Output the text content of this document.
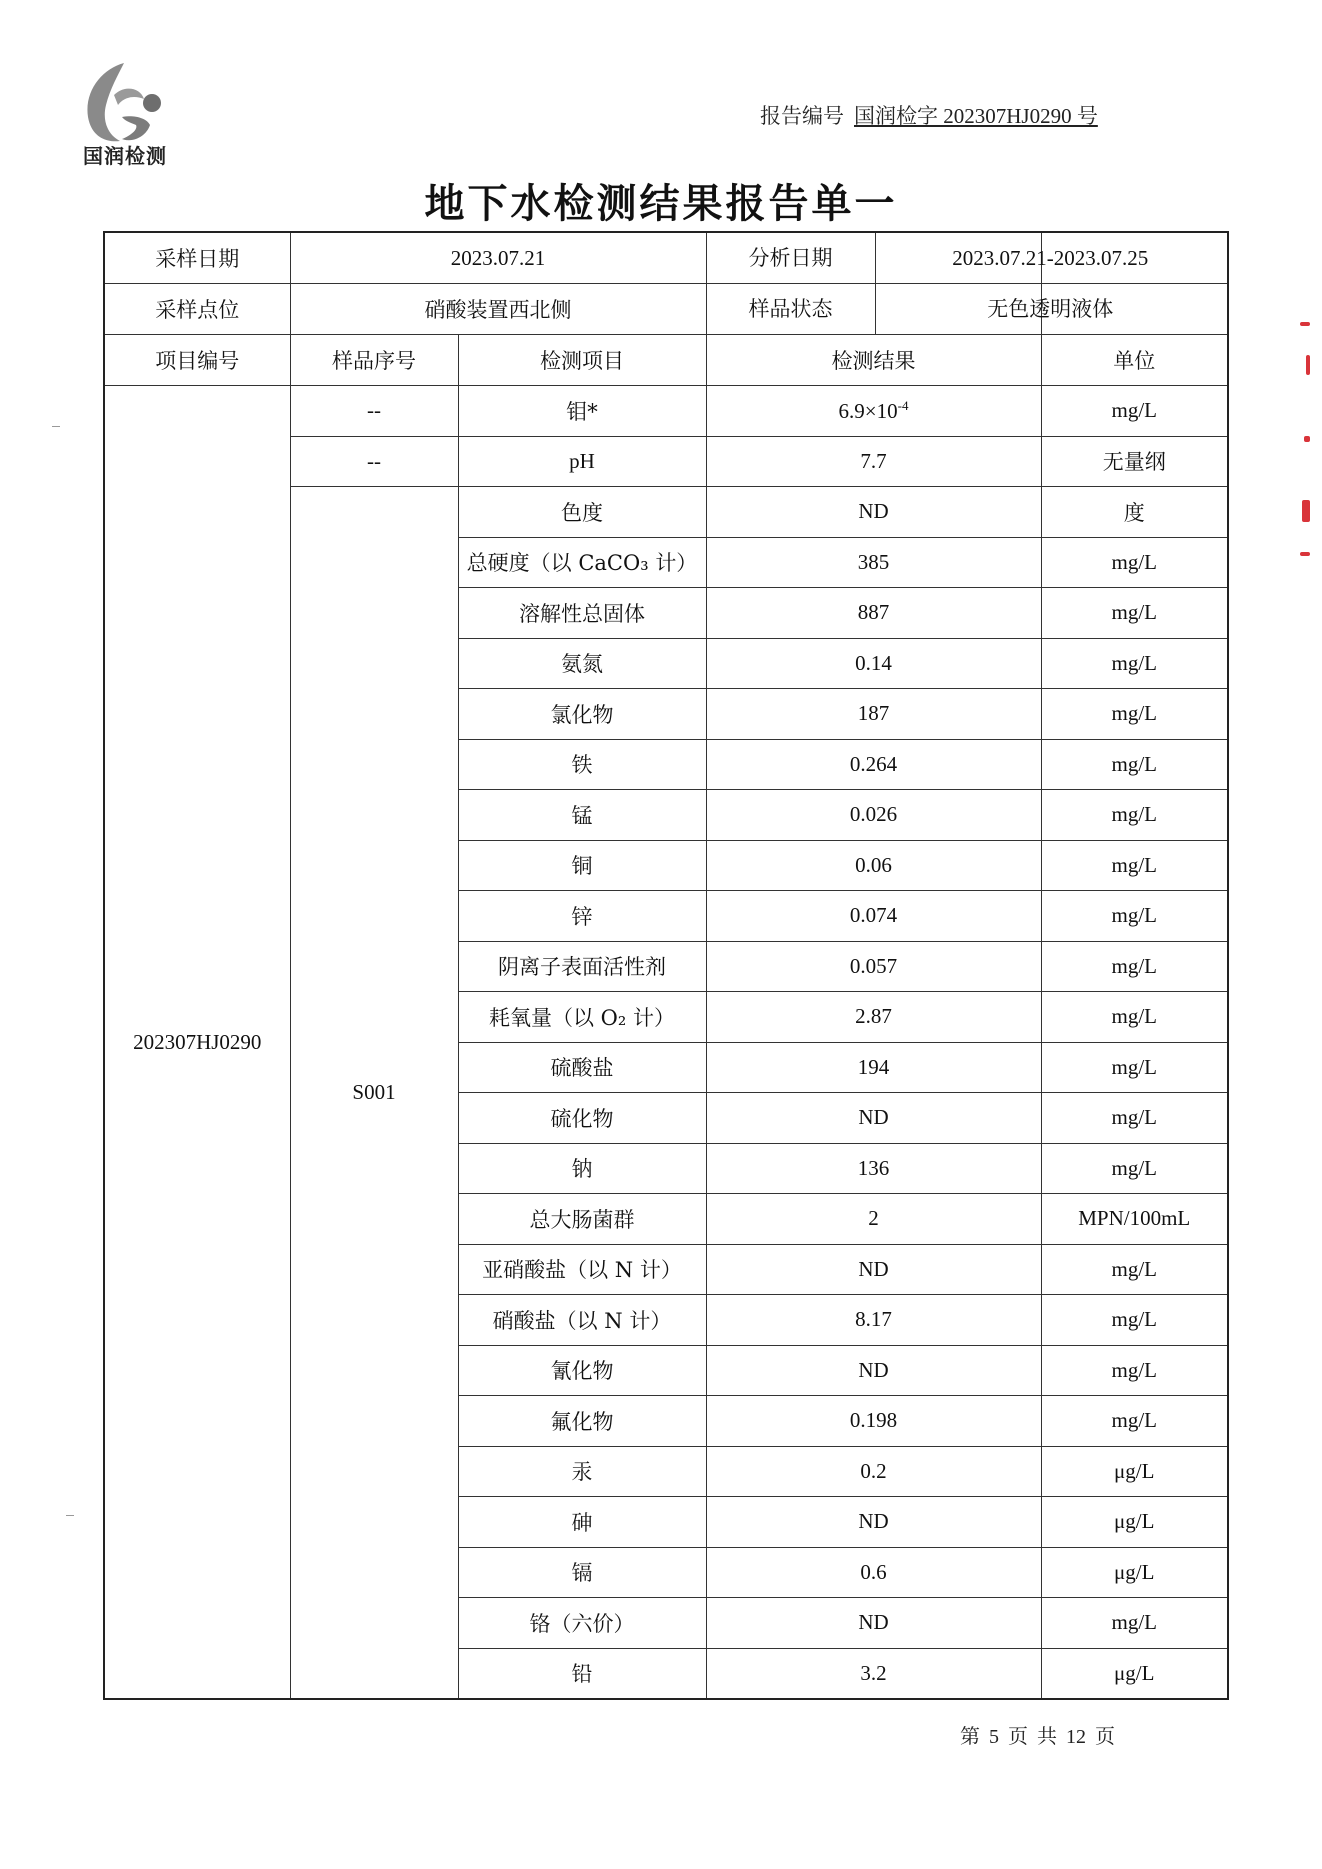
国润检测
报告编号 国润检字 202307HJ0290 号
地下水检测结果报告单一
采样日期	2023.07.21		分析日期	2023.07.21-2023.07.25

采样点位	硝酸装置西北侧		样品状态	无色透明液体

项目编号	样品序号	检测项目	检测结果	单位
202307HJ0290	--	钼*	$6.9\times 10^{-4}$	mg/L
	--	pH	7.7	无量纲
	S001	色度	ND	度
		总硬度（以 CaCO₃ 计）	385	mg/L
		溶解性总固体	887	mg/L
		氨氮	0.14	mg/L
		氯化物	187	mg/L
		铁	0.264	mg/L
		锰	0.026	mg/L
		铜	0.06	mg/L
		锌	0.074	mg/L
		阴离子表面活性剂	0.057	mg/L
		耗氧量（以 O₂ 计）	2.87	mg/L
		硫酸盐	194	mg/L
		硫化物	ND	mg/L
		钠	136	mg/L
		总大肠菌群	2	MPN/100mL
		亚硝酸盐（以 N 计）	ND	mg/L
		硝酸盐（以 N 计）	8.17	mg/L
		氰化物	ND	mg/L
		氟化物	0.198	mg/L
		汞	0.2	μg/L
		砷	ND	μg/L
		镉	0.6	μg/L
		铬（六价）	ND	mg/L
		铅	3.2	μg/L
第 5 页 共 12 页
